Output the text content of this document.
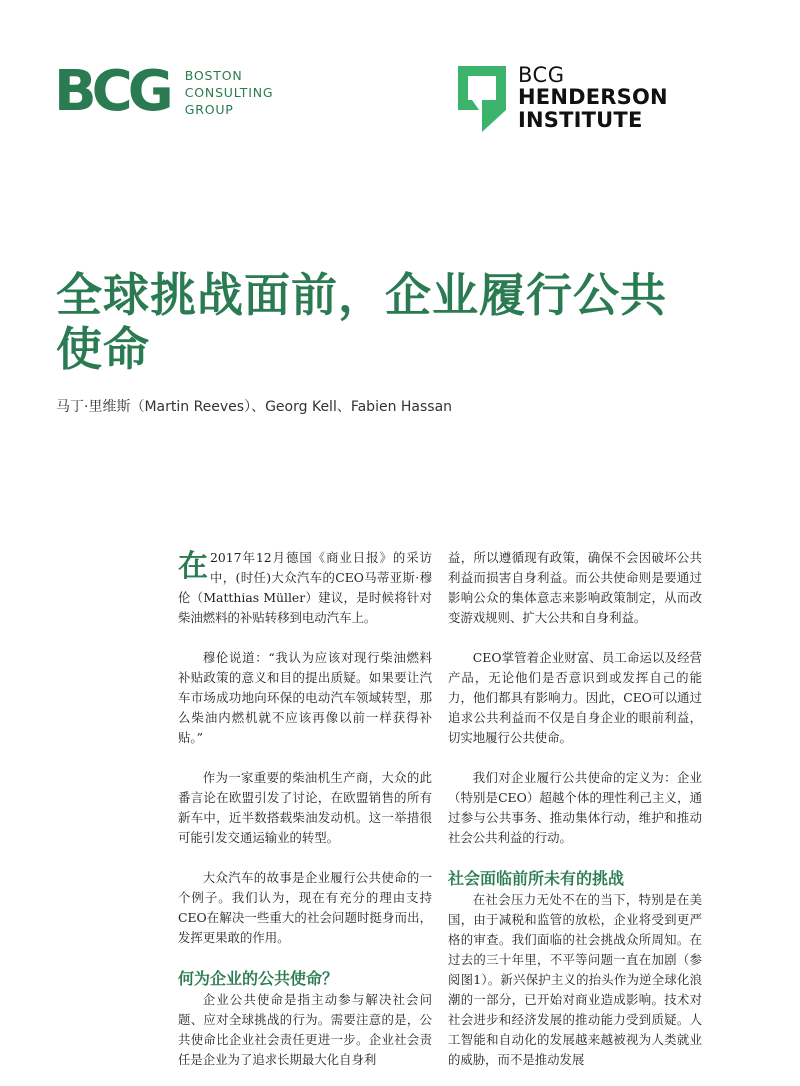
BCG BOSTON
CONSULTING
GROUP
BCG
HENDERSON
INSTITUTE
全球挑战面前，企业履行公共
使命
马丁·里维斯（Martin Reeves）、Georg Kell、Fabien Hassan

在 2017年12月德国《商业日报》的采访中，(时任)大众汽车的CEO马蒂亚斯·穆伦（Matthias Müller）建议，是时候将针对柴油燃料的补贴转移到电动汽车上。

穆伦说道：“我认为应该对现行柴油燃料补贴政策的意义和目的提出质疑。如果要让汽车市场成功地向环保的电动汽车领域转型，那么柴油内燃机就不应该再像以前一样获得补贴。”

作为一家重要的柴油机生产商，大众的此番言论在欧盟引发了讨论，在欧盟销售的所有新车中，近半数搭载柴油发动机。这一举措很可能引发交通运输业的转型。

大众汽车的故事是企业履行公共使命的一个例子。我们认为，现在有充分的理由支持CEO在解决一些重大的社会问题时挺身而出，发挥更果敢的作用。

何为企业的公共使命？

企业公共使命是指主动参与解决社会问题、应对全球挑战的行为。需要注意的是，公共使命比企业社会责任更进一步。企业社会责任是企业为了追求长期最大化自身利

益，所以遵循现有政策，确保不会因破坏公共利益而损害自身利益。而公共使命则是要通过影响公众的集体意志来影响政策制定，从而改变游戏规则、扩大公共和自身利益。

CEO掌管着企业财富、员工命运以及经营产品，无论他们是否意识到或发挥自己的能力，他们都具有影响力。因此，CEO可以通过追求公共利益而不仅是自身企业的眼前利益，切实地履行公共使命。

我们对企业履行公共使命的定义为：企业（特别是CEO）超越个体的理性利己主义，通过参与公共事务、推动集体行动，维护和推动社会公共利益的行动。

社会面临前所未有的挑战

在社会压力无处不在的当下，特别是在美国，由于减税和监管的放松，企业将受到更严格的审查。我们面临的社会挑战众所周知。在过去的三十年里，不平等问题一直在加剧（参阅图1）。新兴保护主义的抬头作为逆全球化浪潮的一部分，已开始对商业造成影响。技术对社会进步和经济发展的推动能力受到质疑。人工智能和自动化的发展越来越被视为人类就业的威胁，而不是推动发展
